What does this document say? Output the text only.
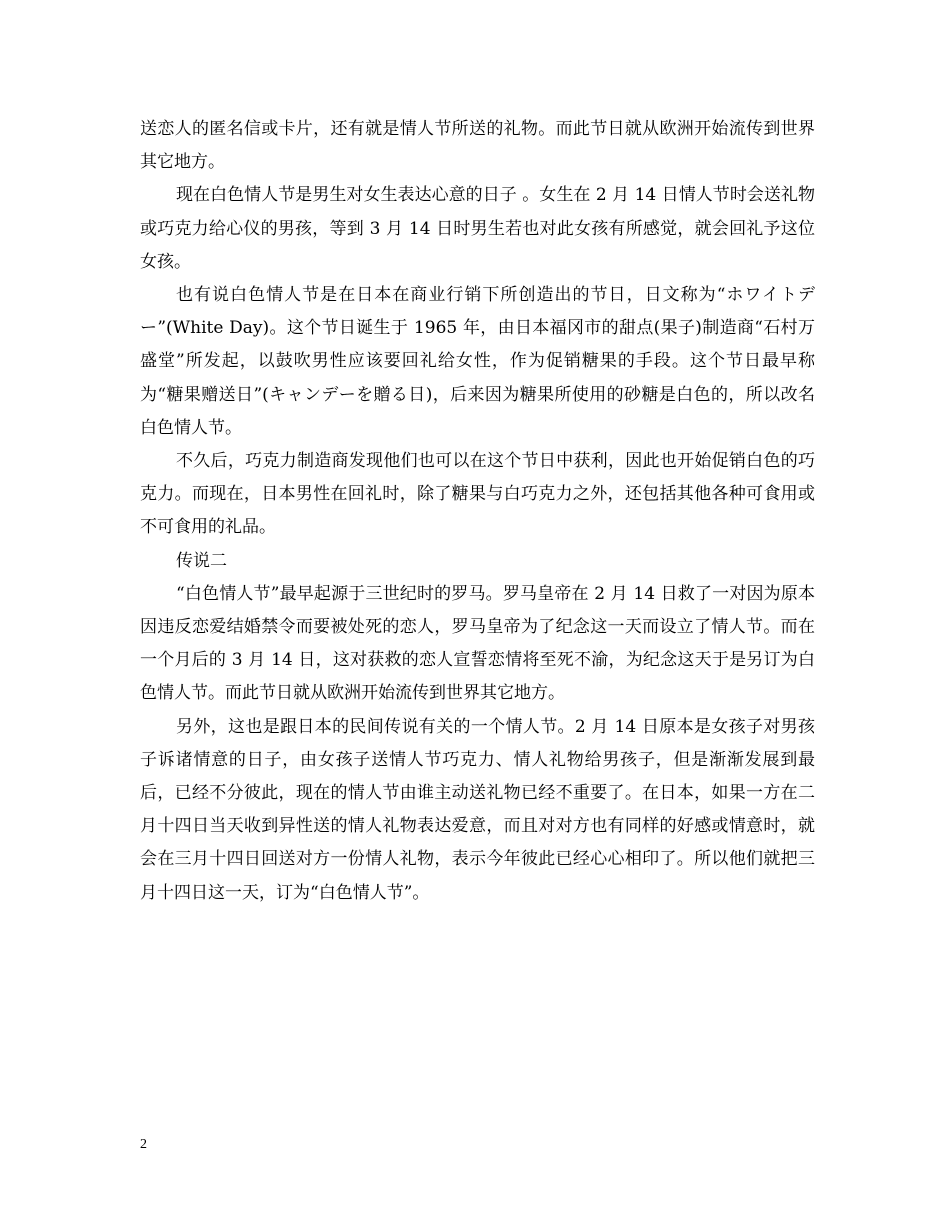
送恋人的匿名信或卡片，还有就是情人节所送的礼物。而此节日就从欧洲开始流传到世界其它地方。

现在白色情人节是男生对女生表达心意的日子 。女生在 2 月 14 日情人节时会送礼物或巧克力给心仪的男孩，等到 3 月 14 日时男生若也对此女孩有所感觉，就会回礼予这位女孩。

也有说白色情人节是在日本在商业行销下所创造出的节日，日文称为“ホワイトデー”(White Day)。这个节日诞生于 1965 年，由日本福冈市的甜点(果子)制造商“石村万盛堂”所发起，以鼓吹男性应该要回礼给女性，作为促销糖果的手段。这个节日最早称为“糖果赠送日”(キャンデーを贈る日)，后来因为糖果所使用的砂糖是白色的，所以改名白色情人节。

不久后，巧克力制造商发现他们也可以在这个节日中获利，因此也开始促销白色的巧克力。而现在，日本男性在回礼时，除了糖果与白巧克力之外，还包括其他各种可食用或不可食用的礼品。

传说二

“白色情人节”最早起源于三世纪时的罗马。罗马皇帝在 2 月 14 日救了一对因为原本因违反恋爱结婚禁令而要被处死的恋人，罗马皇帝为了纪念这一天而设立了情人节。而在一个月后的 3 月 14 日，这对获救的恋人宣誓恋情将至死不渝，为纪念这天于是另订为白色情人节。而此节日就从欧洲开始流传到世界其它地方。

另外，这也是跟日本的民间传说有关的一个情人节。2 月 14 日原本是女孩子对男孩子诉诸情意的日子，由女孩子送情人节巧克力、情人礼物给男孩子，但是渐渐发展到最后，已经不分彼此，现在的情人节由谁主动送礼物已经不重要了。在日本，如果一方在二月十四日当天收到异性送的情人礼物表达爱意，而且对对方也有同样的好感或情意时，就会在三月十四日回送对方一份情人礼物，表示今年彼此已经心心相印了。所以他们就把三月十四日这一天，订为“白色情人节”。

2
